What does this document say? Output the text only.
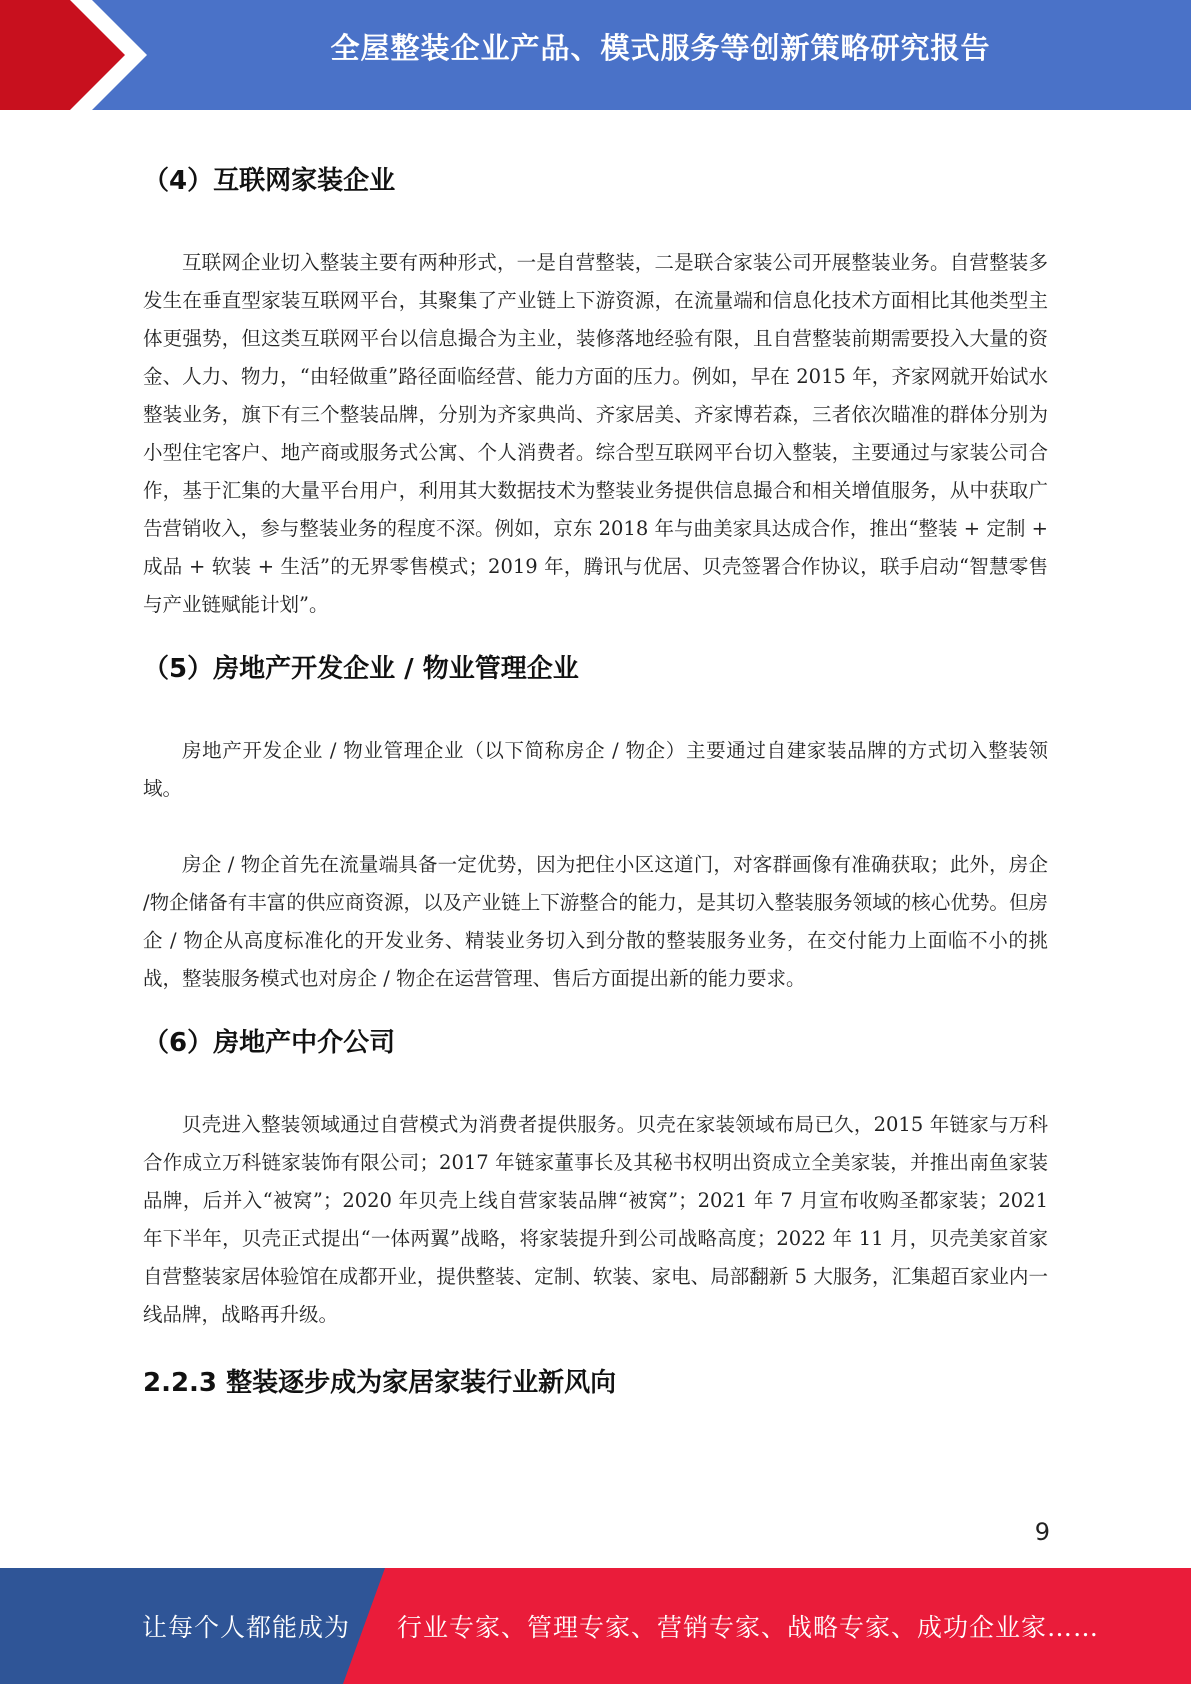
全屋整装企业产品、模式服务等创新策略研究报告
（4）互联网家装企业

互联网企业切入整装主要有两种形式，一是自营整装，二是联合家装公司开展整装业务。自营整装多发生在垂直型家装互联网平台，其聚集了产业链上下游资源，在流量端和信息化技术方面相比其他类型主体更强势，但这类互联网平台以信息撮合为主业，装修落地经验有限，且自营整装前期需要投入大量的资金、人力、物力，“由轻做重”路径面临经营、能力方面的压力。例如，早在 2015 年，齐家网就开始试水整装业务，旗下有三个整装品牌，分别为齐家典尚、齐家居美、齐家博若森，三者依次瞄准的群体分别为小型住宅客户、地产商或服务式公寓、个人消费者。综合型互联网平台切入整装，主要通过与家装公司合作，基于汇集的大量平台用户，利用其大数据技术为整装业务提供信息撮合和相关增值服务，从中获取广告营销收入，参与整装业务的程度不深。例如，京东 2018 年与曲美家具达成合作，推出“整装 + 定制 + 成品 + 软装 + 生活”的无界零售模式；2019 年，腾讯与优居、贝壳签署合作协议，联手启动“智慧零售与产业链赋能计划”。

（5）房地产开发企业 / 物业管理企业

房地产开发企业 / 物业管理企业（以下简称房企 / 物企）主要通过自建家装品牌的方式切入整装领域。

房企 / 物企首先在流量端具备一定优势，因为把住小区这道门，对客群画像有准确获取；此外，房企 /物企储备有丰富的供应商资源，以及产业链上下游整合的能力，是其切入整装服务领域的核心优势。但房企 / 物企从高度标准化的开发业务、精装业务切入到分散的整装服务业务，在交付能力上面临不小的挑战，整装服务模式也对房企 / 物企在运营管理、售后方面提出新的能力要求。

（6）房地产中介公司

贝壳进入整装领域通过自营模式为消费者提供服务。贝壳在家装领域布局已久，2015 年链家与万科合作成立万科链家装饰有限公司；2017 年链家董事长及其秘书权明出资成立全美家装，并推出南鱼家装品牌，后并入“被窝”；2020 年贝壳上线自营家装品牌“被窝”；2021 年 7 月宣布收购圣都家装；2021 年下半年，贝壳正式提出“一体两翼”战略，将家装提升到公司战略高度；2022 年 11 月，贝壳美家首家自营整装家居体验馆在成都开业，提供整装、定制、软装、家电、局部翻新 5 大服务，汇集超百家业内一线品牌，战略再升级。

2.2.3 整装逐步成为家居家装行业新风向
9
让每个人都能成为 行业专家、管理专家、营销专家、战略专家、成功企业家……
